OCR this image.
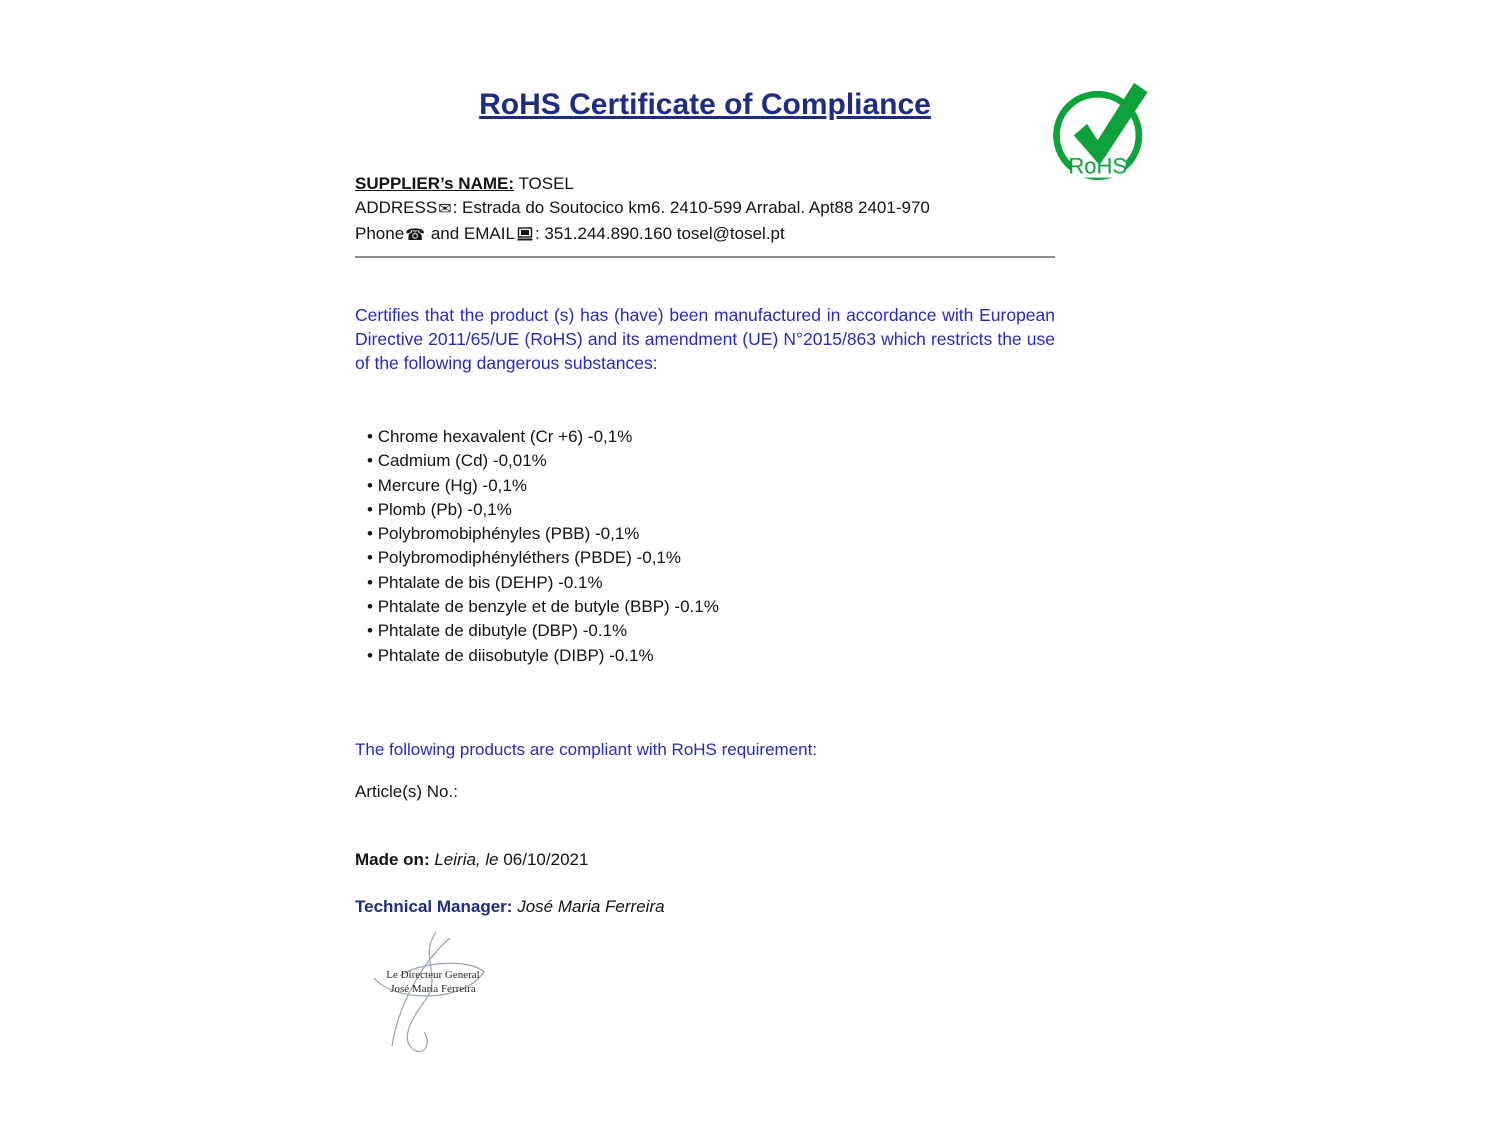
RoHS Certificate of Compliance
SUPPLIER’s NAME: TOSEL
ADDRESS✉: Estrada do Soutocico km6. 2410-599 Arrabal. Apt88 2401-970
Phone☎ and EMAIL : 351.244.890.160 tosel@tosel.pt

Certifies that the product (s) has (have) been manufactured in accordance with European Directive 2011/65/UE (RoHS) and its amendment (UE) N°2015/863 which restricts the use of the following dangerous substances:

• Chrome hexavalent (Cr +6) -0,1%
• Cadmium (Cd) -0,01%
• Mercure (Hg) -0,1%
• Plomb (Pb) -0,1%
• Polybromobiphényles (PBB) -0,1%
• Polybromodiphényléthers (PBDE) -0,1%
• Phtalate de bis (DEHP) -0.1%
• Phtalate de benzyle et de butyle (BBP) -0.1%
• Phtalate de dibutyle (DBP) -0.1%
• Phtalate de diisobutyle (DIBP) -0.1%

The following products are compliant with RoHS requirement:

Article(s) No.:

Made on: Leiria, le 06/10/2021

Technical Manager: José Maria Ferreira

RoHS
Le Directeur General
José Maria Ferreira
